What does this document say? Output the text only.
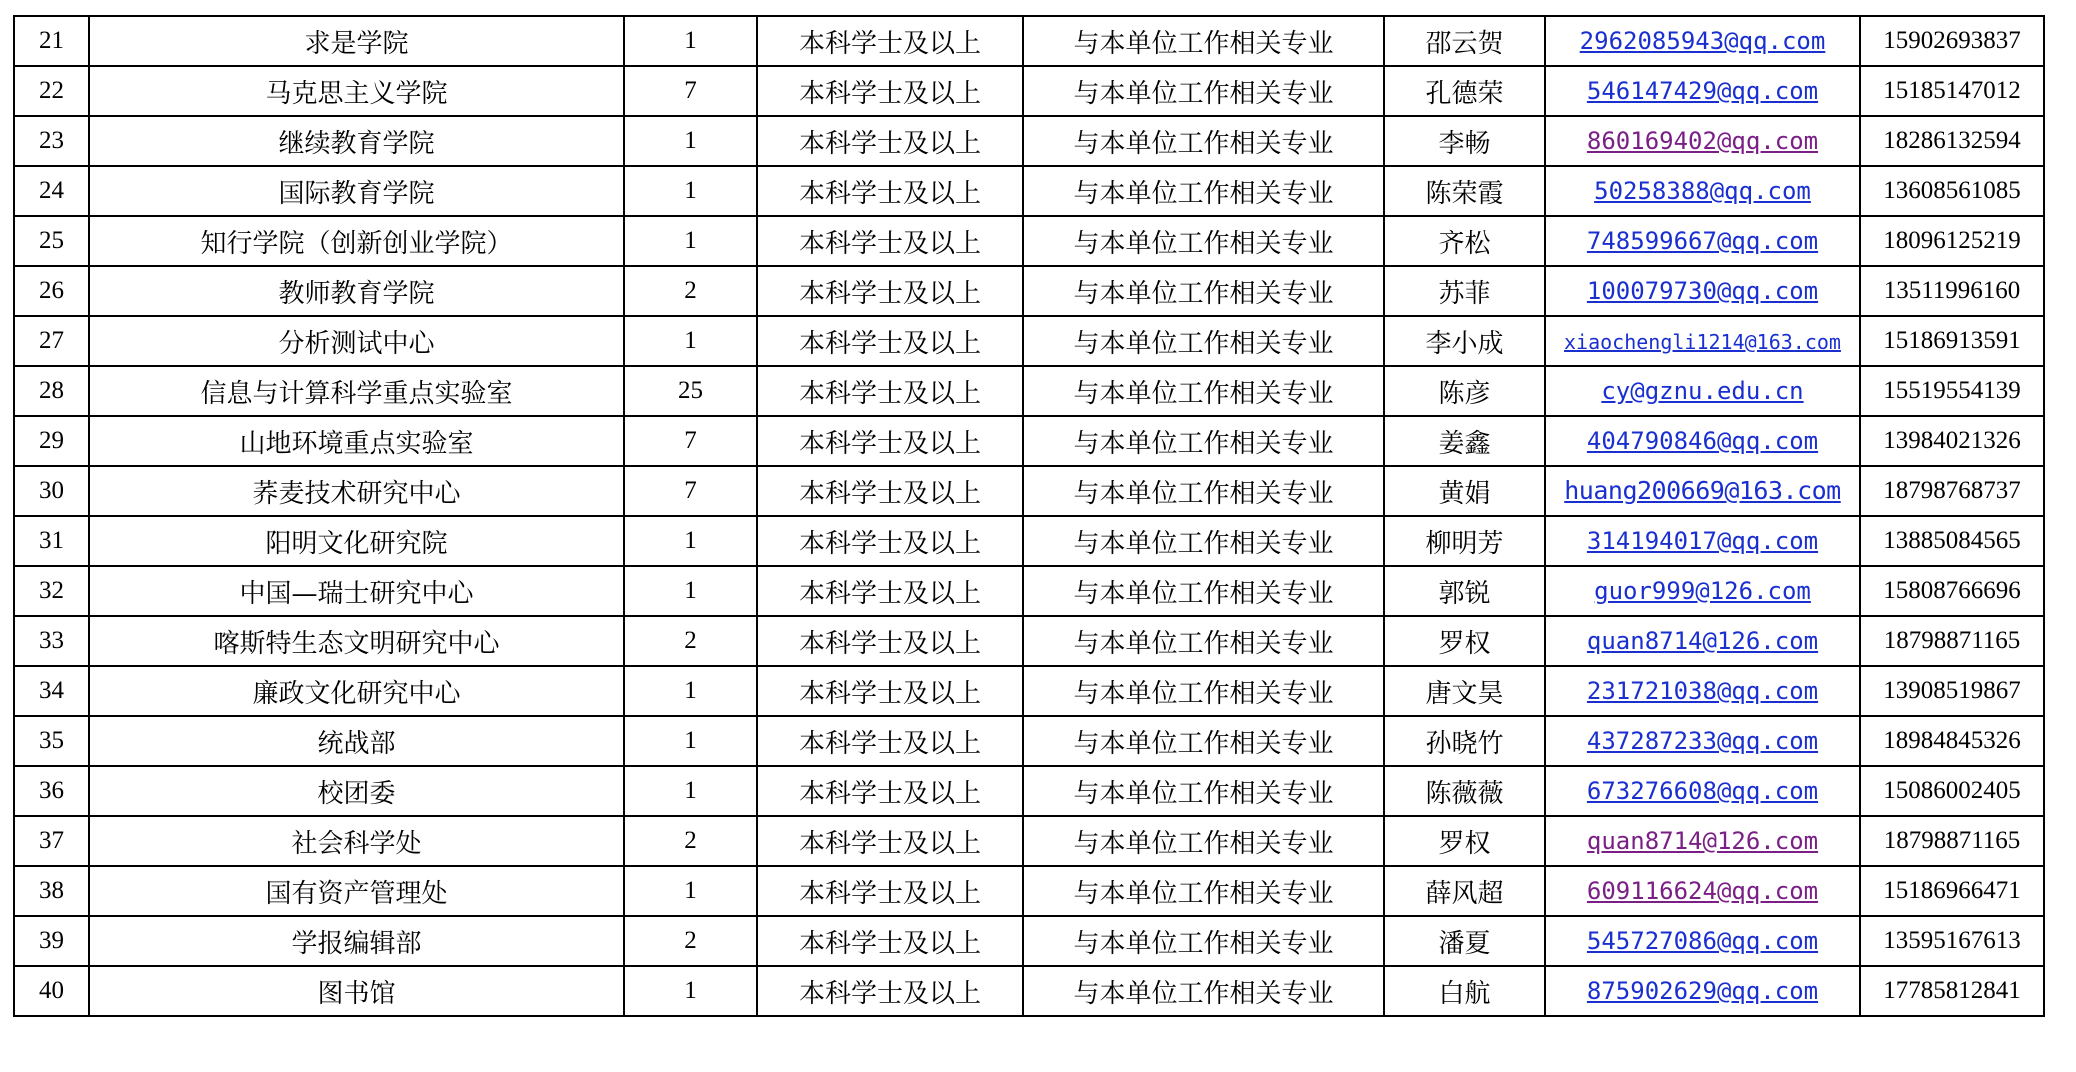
21	求是学院	1	本科学士及以上	与本单位工作相关专业	邵云贺	2962085943@qq.com	15902693837
22	马克思主义学院	7	本科学士及以上	与本单位工作相关专业	孔德荣	546147429@qq.com	15185147012
23	继续教育学院	1	本科学士及以上	与本单位工作相关专业	李畅	860169402@qq.com	18286132594
24	国际教育学院	1	本科学士及以上	与本单位工作相关专业	陈荣霞	50258388@qq.com	13608561085
25	知行学院（创新创业学院）	1	本科学士及以上	与本单位工作相关专业	齐松	748599667@qq.com	18096125219
26	教师教育学院	2	本科学士及以上	与本单位工作相关专业	苏菲	100079730@qq.com	13511996160
27	分析测试中心	1	本科学士及以上	与本单位工作相关专业	李小成	xiaochengli1214@163.com	15186913591
28	信息与计算科学重点实验室	25	本科学士及以上	与本单位工作相关专业	陈彦	cy@gznu.edu.cn	15519554139
29	山地环境重点实验室	7	本科学士及以上	与本单位工作相关专业	姜鑫	404790846@qq.com	13984021326
30	荞麦技术研究中心	7	本科学士及以上	与本单位工作相关专业	黄娟	huang200669@163.com	18798768737
31	阳明文化研究院	1	本科学士及以上	与本单位工作相关专业	柳明芳	314194017@qq.com	13885084565
32	中国—瑞士研究中心	1	本科学士及以上	与本单位工作相关专业	郭锐	guor999@126.com	15808766696
33	喀斯特生态文明研究中心	2	本科学士及以上	与本单位工作相关专业	罗权	quan8714@126.com	18798871165
34	廉政文化研究中心	1	本科学士及以上	与本单位工作相关专业	唐文昊	231721038@qq.com	13908519867
35	统战部	1	本科学士及以上	与本单位工作相关专业	孙晓竹	437287233@qq.com	18984845326
36	校团委	1	本科学士及以上	与本单位工作相关专业	陈薇薇	673276608@qq.com	15086002405
37	社会科学处	2	本科学士及以上	与本单位工作相关专业	罗权	quan8714@126.com	18798871165
38	国有资产管理处	1	本科学士及以上	与本单位工作相关专业	薛风超	609116624@qq.com	15186966471
39	学报编辑部	2	本科学士及以上	与本单位工作相关专业	潘夏	545727086@qq.com	13595167613
40	图书馆	1	本科学士及以上	与本单位工作相关专业	白航	875902629@qq.com	17785812841
